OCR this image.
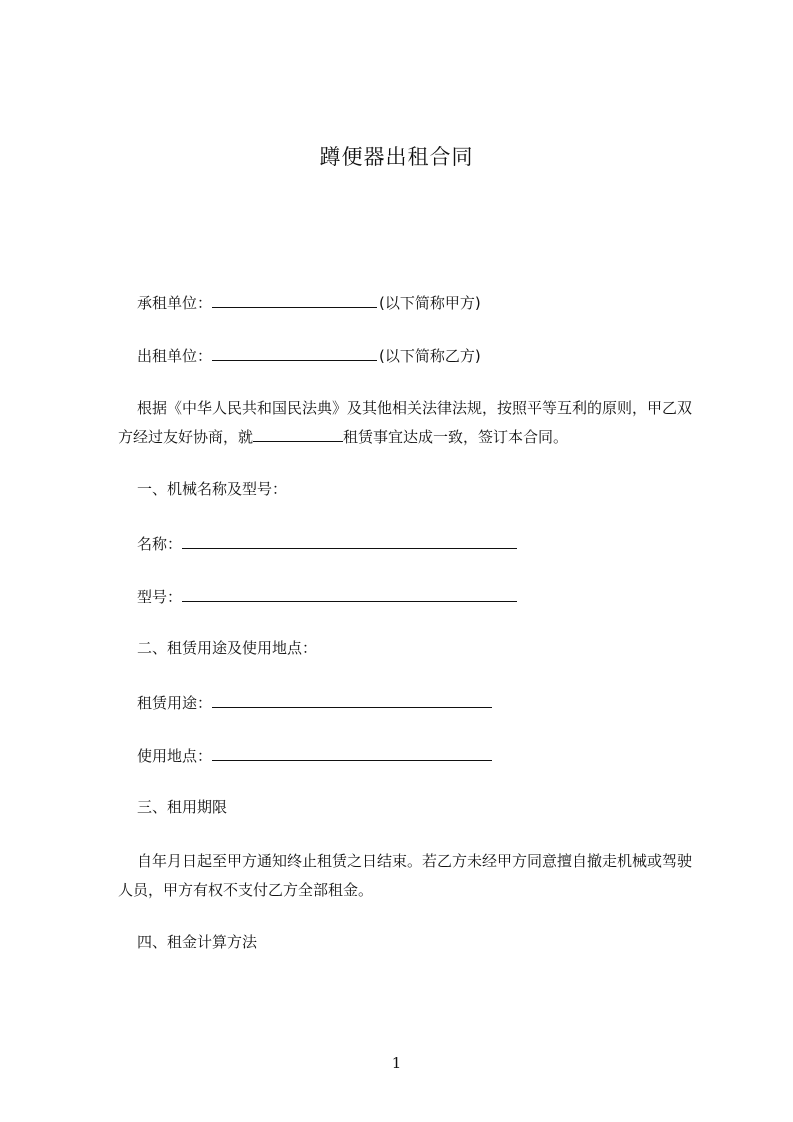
蹲便器出租合同
承租单位：	(以下简称甲方)
出租单位：	(以下简称乙方)
根据《中华人民共和国民法典》及其他相关法律法规，按照平等互利的原则，甲乙双方经过友好协商，就	租赁事宜达成一致，签订本合同。
一、机械名称及型号：
名称：
型号：
二、租赁用途及使用地点：
租赁用途：
使用地点：
三、租用期限
自年月日起至甲方通知终止租赁之日结束。若乙方未经甲方同意擅自撤走机械或驾驶人员，甲方有权不支付乙方全部租金。
四、租金计算方法
1
